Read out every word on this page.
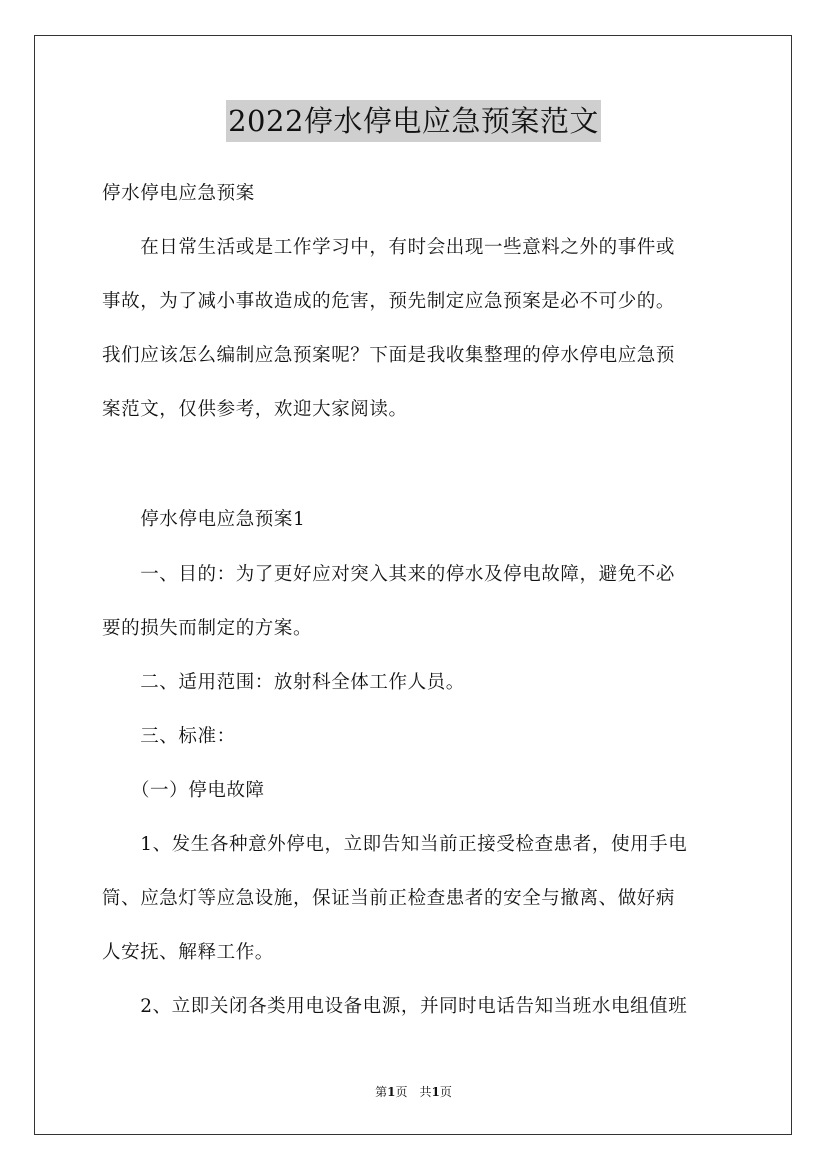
2022停水停电应急预案范文
停水停电应急预案
　　在日常生活或是工作学习中，有时会出现一些意料之外的事件或
事故，为了减小事故造成的危害，预先制定应急预案是必不可少的。
我们应该怎么编制应急预案呢？下面是我收集整理的停水停电应急预
案范文，仅供参考，欢迎大家阅读。
　　停水停电应急预案1
　　一、目的：为了更好应对突入其来的停水及停电故障，避免不必
要的损失而制定的方案。
　　二、适用范围：放射科全体工作人员。
　　三、标准：
　　（一）停电故障
　　1、发生各种意外停电，立即告知当前正接受检查患者，使用手电
筒、应急灯等应急设施，保证当前正检查患者的安全与撤离、做好病
人安抚、解释工作。
　　2、立即关闭各类用电设备电源，并同时电话告知当班水电组值班
第1页　共1页
